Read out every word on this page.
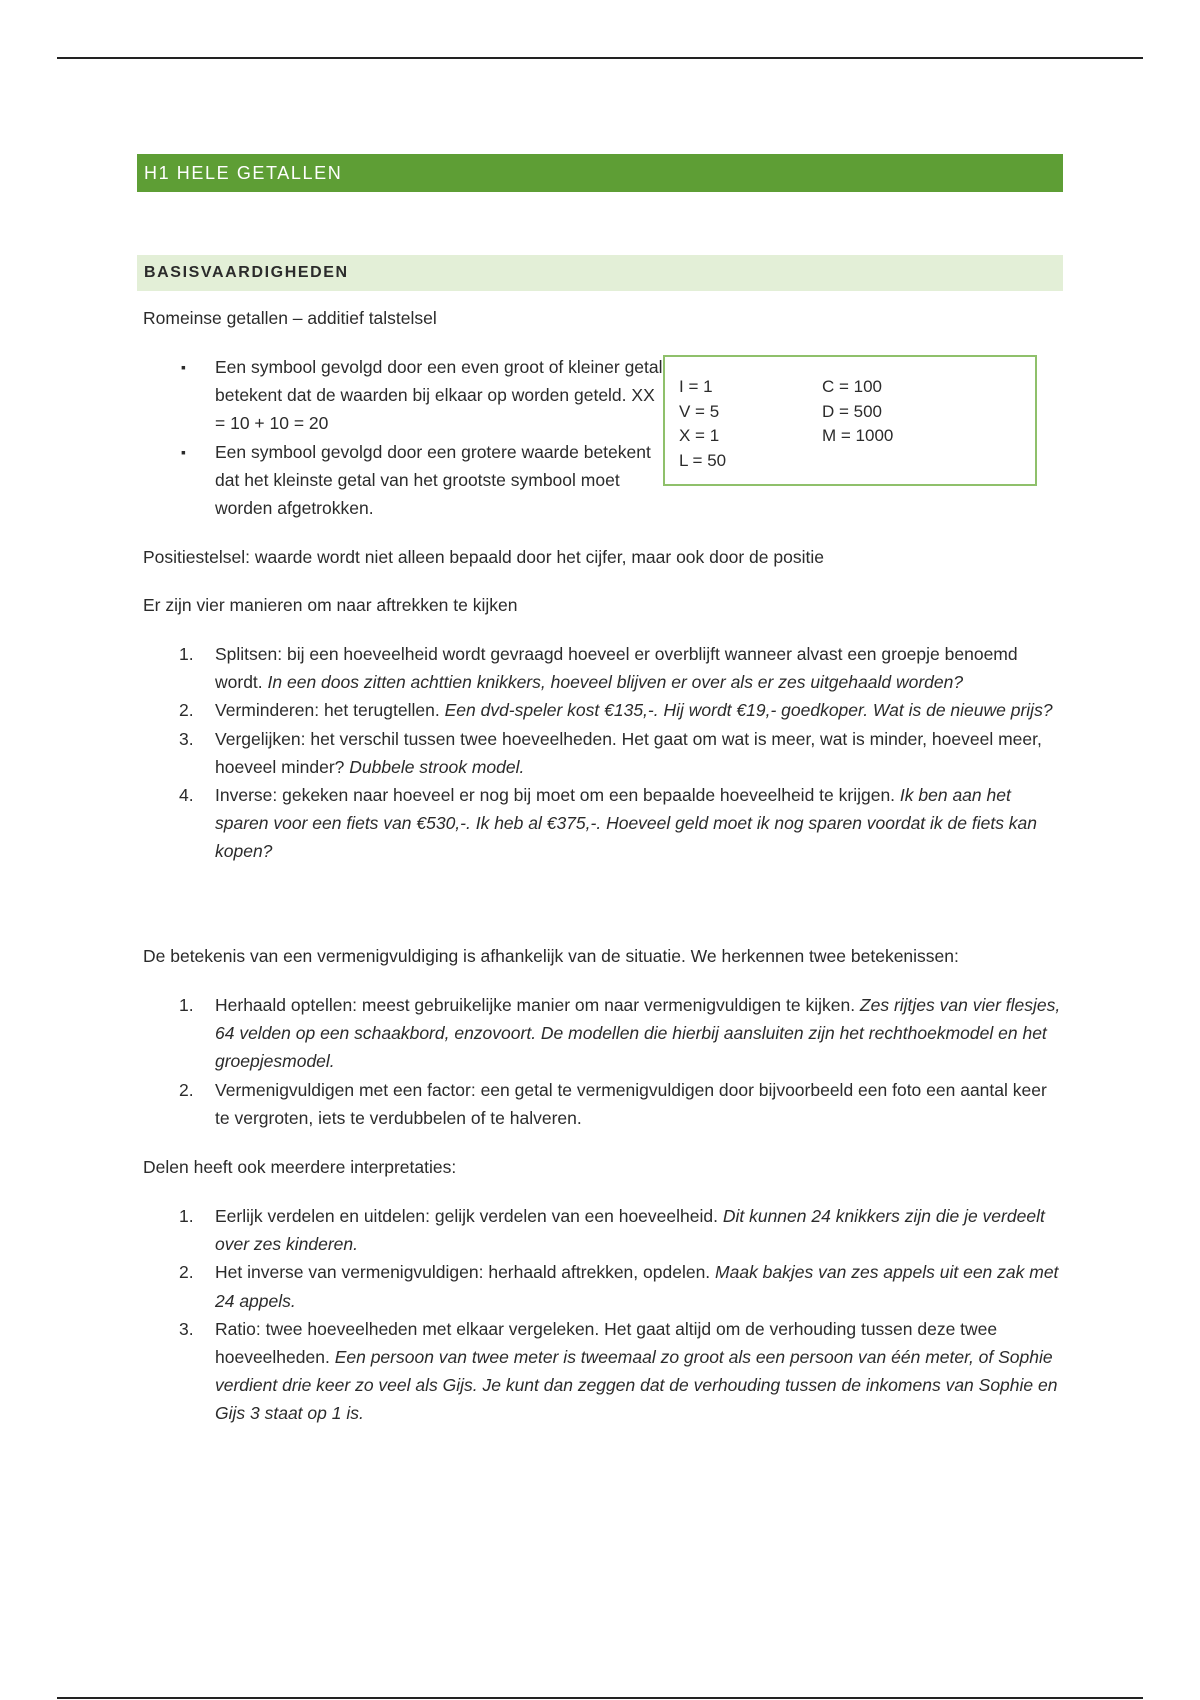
H1 HELE GETALLEN
BASISVAARDIGHEDEN

Romeinse getallen – additief talstelsel

▪ Een symbool gevolgd door een even groot of kleiner getal betekent dat de waarden bij elkaar op worden geteld. XX = 10 + 10 = 20
▪ Een symbool gevolgd door een grotere waarde betekent dat het kleinste getal van het grootste symbool moet worden afgetrokken.
I = 1	C = 100
V = 5	D = 500
X = 1	M = 1000
L = 50

Positiestelsel: waarde wordt niet alleen bepaald door het cijfer, maar ook door de positie

Er zijn vier manieren om naar aftrekken te kijken

1. Splitsen: bij een hoeveelheid wordt gevraagd hoeveel er overblijft wanneer alvast een groepje benoemd wordt. In een doos zitten achttien knikkers, hoeveel blijven er over als er zes uitgehaald worden?
2. Verminderen: het terugtellen. Een dvd-speler kost €135,-. Hij wordt €19,- goedkoper. Wat is de nieuwe prijs?
3. Vergelijken: het verschil tussen twee hoeveelheden. Het gaat om wat is meer, wat is minder, hoeveel meer, hoeveel minder? Dubbele strook model.
4. Inverse: gekeken naar hoeveel er nog bij moet om een bepaalde hoeveelheid te krijgen. Ik ben aan het sparen voor een fiets van €530,-. Ik heb al €375,-. Hoeveel geld moet ik nog sparen voordat ik de fiets kan kopen?

De betekenis van een vermenigvuldiging is afhankelijk van de situatie. We herkennen twee betekenissen:

1. Herhaald optellen: meest gebruikelijke manier om naar vermenigvuldigen te kijken. Zes rijtjes van vier flesjes, 64 velden op een schaakbord, enzovoort. De modellen die hierbij aansluiten zijn het rechthoekmodel en het groepjesmodel.
2. Vermenigvuldigen met een factor: een getal te vermenigvuldigen door bijvoorbeeld een foto een aantal keer te vergroten, iets te verdubbelen of te halveren.

Delen heeft ook meerdere interpretaties:

1. Eerlijk verdelen en uitdelen: gelijk verdelen van een hoeveelheid. Dit kunnen 24 knikkers zijn die je verdeelt over zes kinderen.
2. Het inverse van vermenigvuldigen: herhaald aftrekken, opdelen. Maak bakjes van zes appels uit een zak met 24 appels.
3. Ratio: twee hoeveelheden met elkaar vergeleken. Het gaat altijd om de verhouding tussen deze twee hoeveelheden. Een persoon van twee meter is tweemaal zo groot als een persoon van één meter, of Sophie verdient drie keer zo veel als Gijs. Je kunt dan zeggen dat de verhouding tussen de inkomens van Sophie en Gijs 3 staat op 1 is.
